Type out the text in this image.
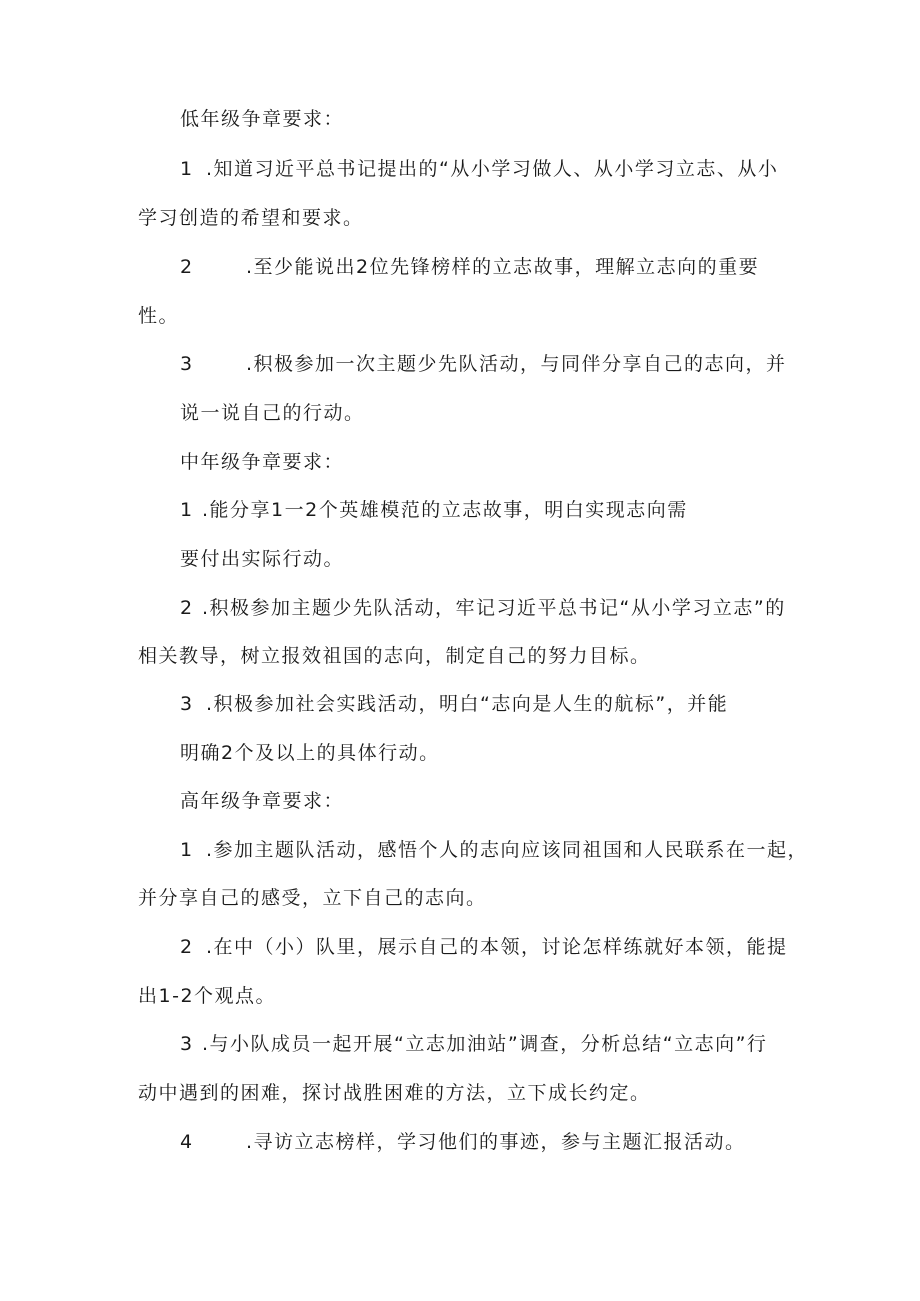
低年级争章要求：
1 .知道习近平总书记提出的“从小学习做人、从小学习立志、从小
学习创造的希望和要求。
2	.至少能说出2位先锋榜样的立志故事，理解立志向的重要
性。
3	.积极参加一次主题少先队活动，与同伴分享自己的志向，并
说一说自己的行动。
中年级争章要求：
1 .能分享1一2个英雄模范的立志故事，明白实现志向需
要付出实际行动。
2 .积极参加主题少先队活动，牢记习近平总书记“从小学习立志”的
相关教导，树立报效祖国的志向，制定自己的努力目标。
3 .积极参加社会实践活动，明白“志向是人生的航标”，并能
明确2个及以上的具体行动。
高年级争章要求：
1 .参加主题队活动，感悟个人的志向应该同祖国和人民联系在一起，
并分享自己的感受，立下自己的志向。
2 .在中（小）队里，展示自己的本领，讨论怎样练就好本领，能提
出1-2个观点。
3 .与小队成员一起开展“立志加油站”调查，分析总结“立志向”行
动中遇到的困难，探讨战胜困难的方法，立下成长约定。
4	.寻访立志榜样，学习他们的事迹，参与主题汇报活动。
